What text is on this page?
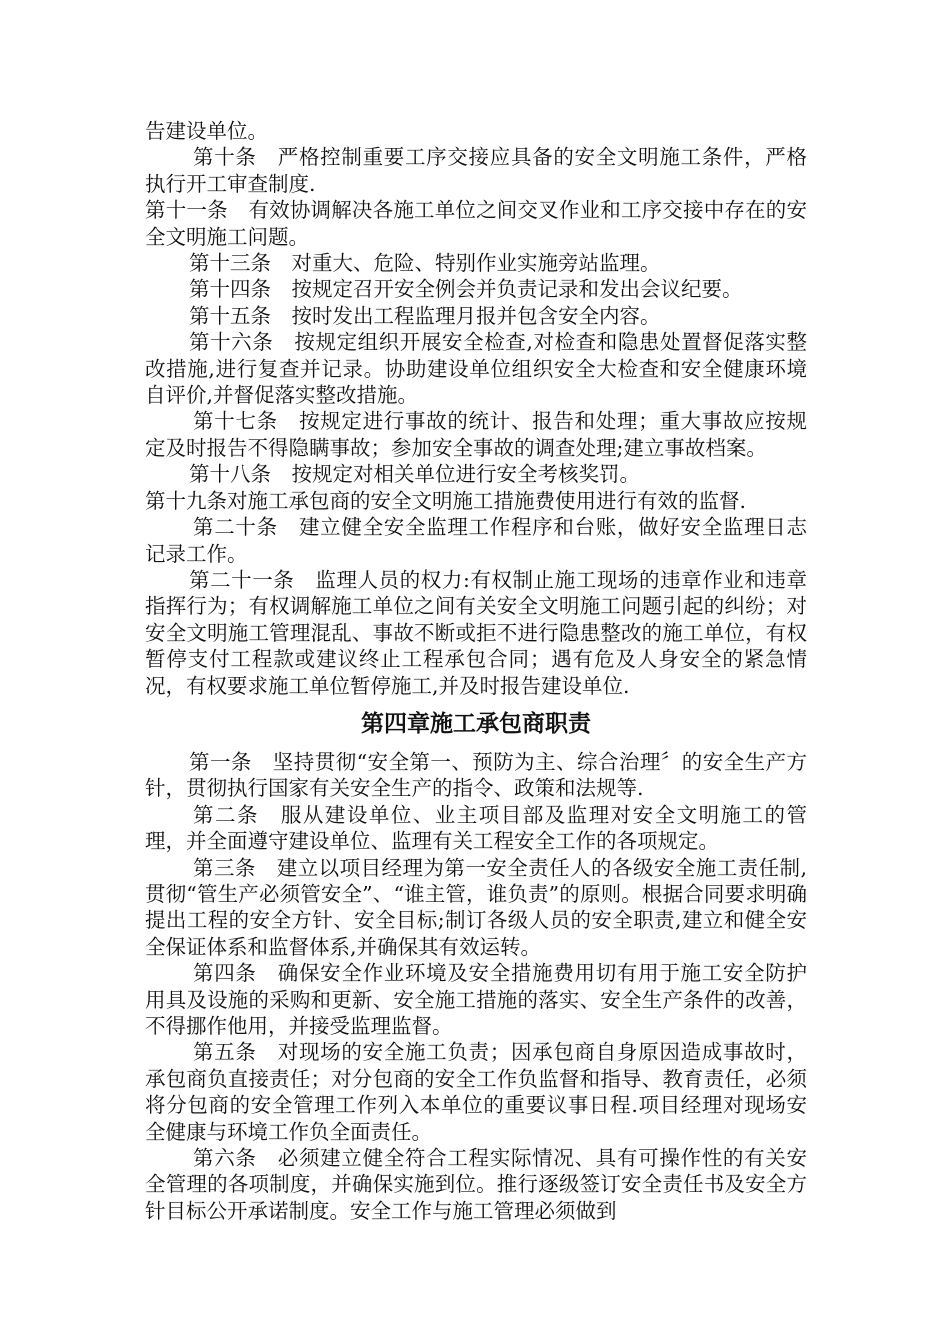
告建设单位。

第十条　严格控制重要工序交接应具备的安全文明施工条件，严格执行开工审查制度.

第十一条　有效协调解决各施工单位之间交叉作业和工序交接中存在的安全文明施工问题。

第十三条　对重大、危险、特别作业实施旁站监理。

第十四条　按规定召开安全例会并负责记录和发出会议纪要。

第十五条　按时发出工程监理月报并包含安全内容。

第十六条　按规定组织开展安全检查,对检查和隐患处置督促落实整改措施,进行复查并记录。协助建设单位组织安全大检查和安全健康环境自评价,并督促落实整改措施。

第十七条　按规定进行事故的统计、报告和处理；重大事故应按规定及时报告不得隐瞒事故；参加安全事故的调查处理;建立事故档案。

第十八条　按规定对相关单位进行安全考核奖罚。

第十九条对施工承包商的安全文明施工措施费使用进行有效的监督.

第二十条　建立健全安全监理工作程序和台账，做好安全监理日志记录工作。

第二十一条　监理人员的权力:有权制止施工现场的违章作业和违章指挥行为；有权调解施工单位之间有关安全文明施工问题引起的纠纷；对安全文明施工管理混乱、事故不断或拒不进行隐患整改的施工单位，有权暂停支付工程款或建议终止工程承包合同；遇有危及人身安全的紧急情况，有权要求施工单位暂停施工,并及时报告建设单位.

第四章施工承包商职责

第一条　坚持贯彻“安全第一、预防为主、综合治理〞的安全生产方针，贯彻执行国家有关安全生产的指令、政策和法规等.

第二条　服从建设单位、业主项目部及监理对安全文明施工的管理，并全面遵守建设单位、监理有关工程安全工作的各项规定。

第三条　建立以项目经理为第一安全责任人的各级安全施工责任制,贯彻“管生产必须管安全”、“谁主管，谁负责”的原则。根据合同要求明确提出工程的安全方针、安全目标;制订各级人员的安全职责,建立和健全安全保证体系和监督体系,并确保其有效运转。

第四条　确保安全作业环境及安全措施费用切有用于施工安全防护用具及设施的采购和更新、安全施工措施的落实、安全生产条件的改善，不得挪作他用，并接受监理监督。

第五条　对现场的安全施工负责；因承包商自身原因造成事故时，承包商负直接责任；对分包商的安全工作负监督和指导、教育责任，必须将分包商的安全管理工作列入本单位的重要议事日程.项目经理对现场安全健康与环境工作负全面责任。

第六条　必须建立健全符合工程实际情况、具有可操作性的有关安全管理的各项制度，并确保实施到位。推行逐级签订安全责任书及安全方针目标公开承诺制度。安全工作与施工管理必须做到
